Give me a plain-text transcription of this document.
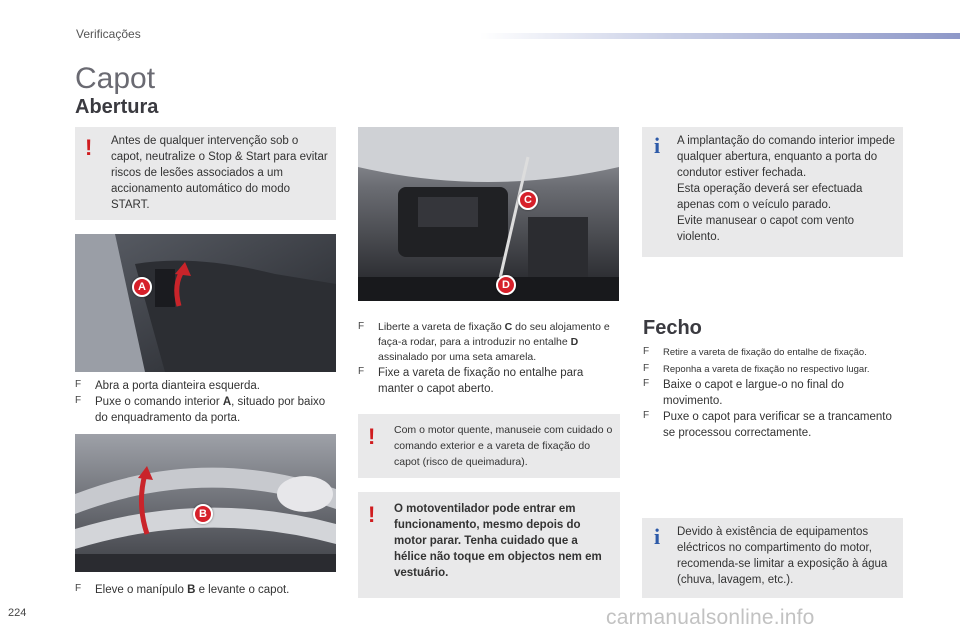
Verificações
Capot
Abertura
! Antes de qualquer intervenção sob o capot, neutralize o Stop & Start para evitar riscos de lesões associados a um accionamento automático do modo START.
A
F	Abra a porta dianteira esquerda.
F	Puxe o comando interior A, situado por baixo do enquadramento da porta.
B
F	Eleve o manípulo B e levante o capot.
C
D
F	Liberte a vareta de fixação C do seu alojamento e faça-a rodar, para a introduzir no entalhe D assinalado por uma seta amarela.
F	Fixe a vareta de fixação no entalhe para manter o capot aberto.
! Com o motor quente, manuseie com cuidado o comando exterior e a vareta de fixação do capot (risco de queimadura).
! O motoventilador pode entrar em funcionamento, mesmo depois do motor parar. Tenha cuidado que a hélice não toque em objectos nem em vestuário.
i A implantação do comando interior impede qualquer abertura, enquanto a porta do condutor estiver fechada.
Esta operação deverá ser efectuada apenas com o veículo parado.
Evite manusear o capot com vento violento.
Fecho
F	Retire a vareta de fixação do entalhe de fixação.
F	Reponha a vareta de fixação no respectivo lugar.
F	Baixe o capot e largue-o no final do movimento.
F	Puxe o capot para verificar se a trancamento se processou correctamente.
i Devido à existência de equipamentos eléctricos no compartimento do motor, recomenda-se limitar a exposição à água (chuva, lavagem, etc.).
224	carmanualsonline.info
